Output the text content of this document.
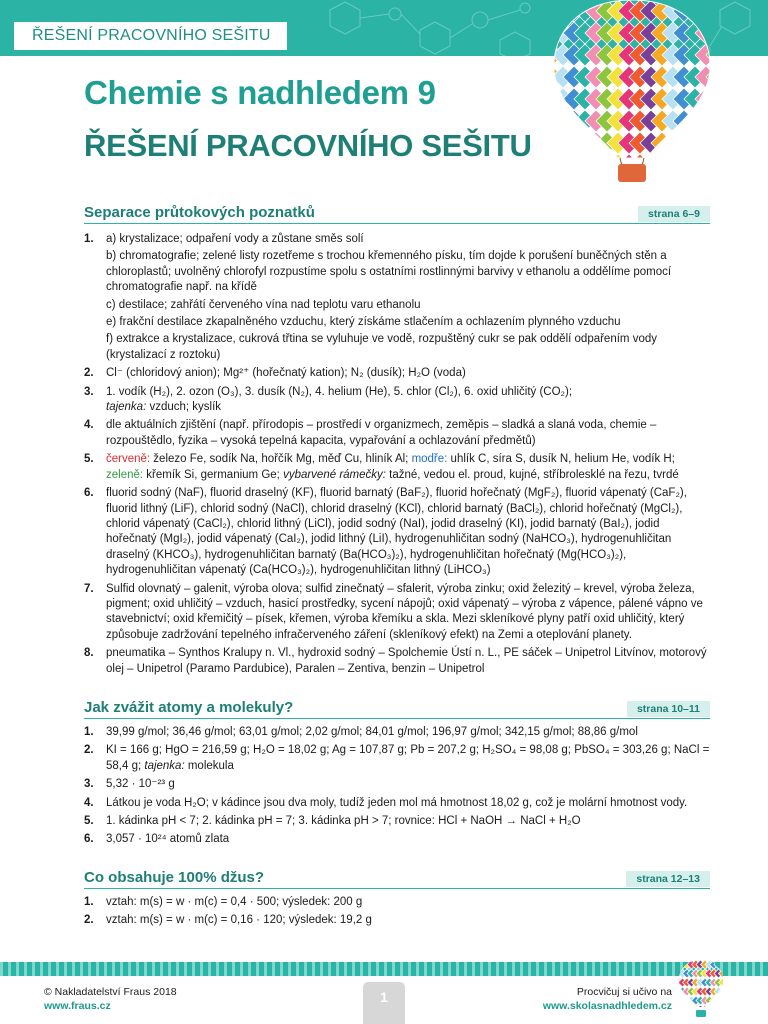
ŘEŠENÍ PRACOVNÍHO SEŠITU
Chemie s nadhledem 9
ŘEŠENÍ PRACOVNÍHO SEŠITU
Separace průtokových poznatků	strana 6–9
1. a) krystalizace; odpaření vody a zůstane směs solí
b) chromatografie; zelené listy rozetřeme s trochou křemenného písku, tím dojde k porušení buněčných stěn a chloroplastů; uvolněný chlorofyl rozpustíme spolu s ostatními rostlinnými barvivy v ethanolu a oddělíme pomocí chromatografie např. na křídě
c) destilace; zahřátí červeného vína nad teplotu varu ethanolu
e) frakční destilace zkapalněného vzduchu, který získáme stlačením a ochlazením plynného vzduchu
f) extrakce a krystalizace, cukrová třtina se vyluhuje ve vodě, rozpuštěný cukr se pak oddělí odpařením vody (krystalizací z roztoku)
2. Cl⁻ (chloridový anion); Mg²⁺ (hořečnatý kation); N₂ (dusík); H₂O (voda)
3. 1. vodík (H₂), 2. ozon (O₃), 3. dusík (N₂), 4. helium (He), 5. chlor (Cl₂), 6. oxid uhličitý (CO₂);
tajenka: vzduch; kyslík
4. dle aktuálních zjištění (např. přírodopis – prostředí v organizmech, zeměpis – sladká a slaná voda, chemie – rozpouštědlo, fyzika – vysoká tepelná kapacita, vypařování a ochlazování předmětů)
5. červeně: železo Fe, sodík Na, hořčík Mg, měď Cu, hliník Al; modře: uhlík C, síra S, dusík N, helium He, vodík H;
zeleně: křemík Si, germanium Ge; vybarvené rámečky: tažné, vedou el. proud, kujné, stříbrolesklé na řezu, tvrdé
6. fluorid sodný (NaF), fluorid draselný (KF), fluorid barnatý (BaF₂), fluorid hořečnatý (MgF₂), fluorid vápenatý (CaF₂), fluorid lithný (LiF), chlorid sodný (NaCl), chlorid draselný (KCl), chlorid barnatý (BaCl₂), chlorid hořečnatý (MgCl₂), chlorid vápenatý (CaCl₂), chlorid lithný (LiCl), jodid sodný (NaI), jodid draselný (KI), jodid barnatý (BaI₂), jodid hořečnatý (MgI₂), jodid vápenatý (CaI₂), jodid lithný (LiI), hydrogenuhličitan sodný (NaHCO₃), hydrogenuhličitan draselný (KHCO₃), hydrogenuhličitan barnatý (Ba(HCO₃)₂), hydrogenuhličitan hořečnatý (Mg(HCO₃)₂), hydrogenuhličitan vápenatý (Ca(HCO₃)₂), hydrogenuhličitan lithný (LiHCO₃)
7. Sulfid olovnatý – galenit, výroba olova; sulfid zinečnatý – sfalerit, výroba zinku; oxid železitý – krevel, výroba železa, pigment; oxid uhličitý – vzduch, hasicí prostředky, sycení nápojů; oxid vápenatý – výroba z vápence, pálené vápno ve stavebnictví; oxid křemičitý – písek, křemen, výroba křemíku a skla. Mezi skleníkové plyny patří oxid uhličitý, který způsobuje zadržování tepelného infračerveného záření (skleníkový efekt) na Zemi a oteplování planety.
8. pneumatika – Synthos Kralupy n. Vl., hydroxid sodný – Spolchemie Ústí n. L., PE sáček – Unipetrol Litvínov, motorový olej – Unipetrol (Paramo Pardubice), Paralen – Zentiva, benzin – Unipetrol
Jak zvážit atomy a molekuly?	strana 10–11
1. 39,99 g/mol; 36,46 g/mol; 63,01 g/mol; 2,02 g/mol; 84,01 g/mol; 196,97 g/mol; 342,15 g/mol; 88,86 g/mol
2. KI = 166 g; HgO = 216,59 g; H₂O = 18,02 g; Ag = 107,87 g; Pb = 207,2 g; H₂SO₄ = 98,08 g; PbSO₄ = 303,26 g; NaCl = 58,4 g; tajenka: molekula
3. 5,32 · 10⁻²³ g
4. Látkou je voda H₂O; v kádince jsou dva moly, tudíž jeden mol má hmotnost 18,02 g, což je molární hmotnost vody.
5. 1. kádinka pH < 7; 2. kádinka pH = 7; 3. kádinka pH > 7; rovnice: HCl + NaOH → NaCl + H₂O
6. 3,057 · 10²⁴ atomů zlata
Co obsahuje 100% džus?	strana 12–13
1. vztah: m(s) = w · m(c) = 0,4 · 500; výsledek: 200 g
2. vztah: m(s) = w · m(c) = 0,16 · 120; výsledek: 19,2 g
© Nakladatelství Fraus 2018
www.fraus.cz
1	Procvičuj si učivo na
www.skolasnadhledem.cz
